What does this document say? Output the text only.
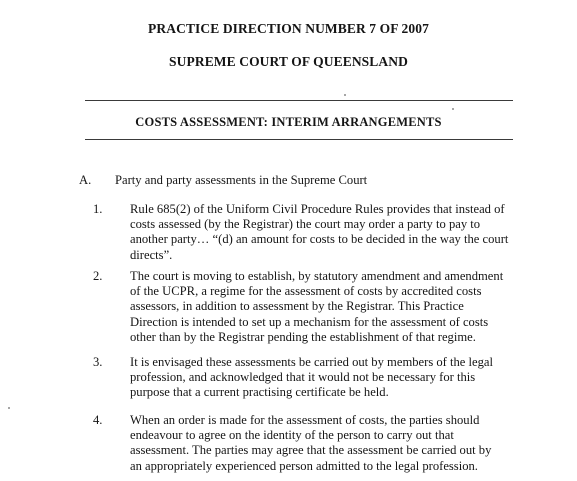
PRACTICE DIRECTION NUMBER 7 OF 2007
SUPREME COURT OF QUEENSLAND
COSTS ASSESSMENT: INTERIM ARRANGEMENTS
A. Party and party assessments in the Supreme Court
1. Rule 685(2) of the Uniform Civil Procedure Rules provides that instead of
costs assessed (by the Registrar) the court may order a party to pay to
another party… “(d) an amount for costs to be decided in the way the court
directs”.
2. The court is moving to establish, by statutory amendment and amendment
of the UCPR, a regime for the assessment of costs by accredited costs
assessors, in addition to assessment by the Registrar. This Practice
Direction is intended to set up a mechanism for the assessment of costs
other than by the Registrar pending the establishment of that regime.
3. It is envisaged these assessments be carried out by members of the legal
profession, and acknowledged that it would not be necessary for this
purpose that a current practising certificate be held.
4. When an order is made for the assessment of costs, the parties should
endeavour to agree on the identity of the person to carry out that
assessment. The parties may agree that the assessment be carried out by
an appropriately experienced person admitted to the legal profession.
